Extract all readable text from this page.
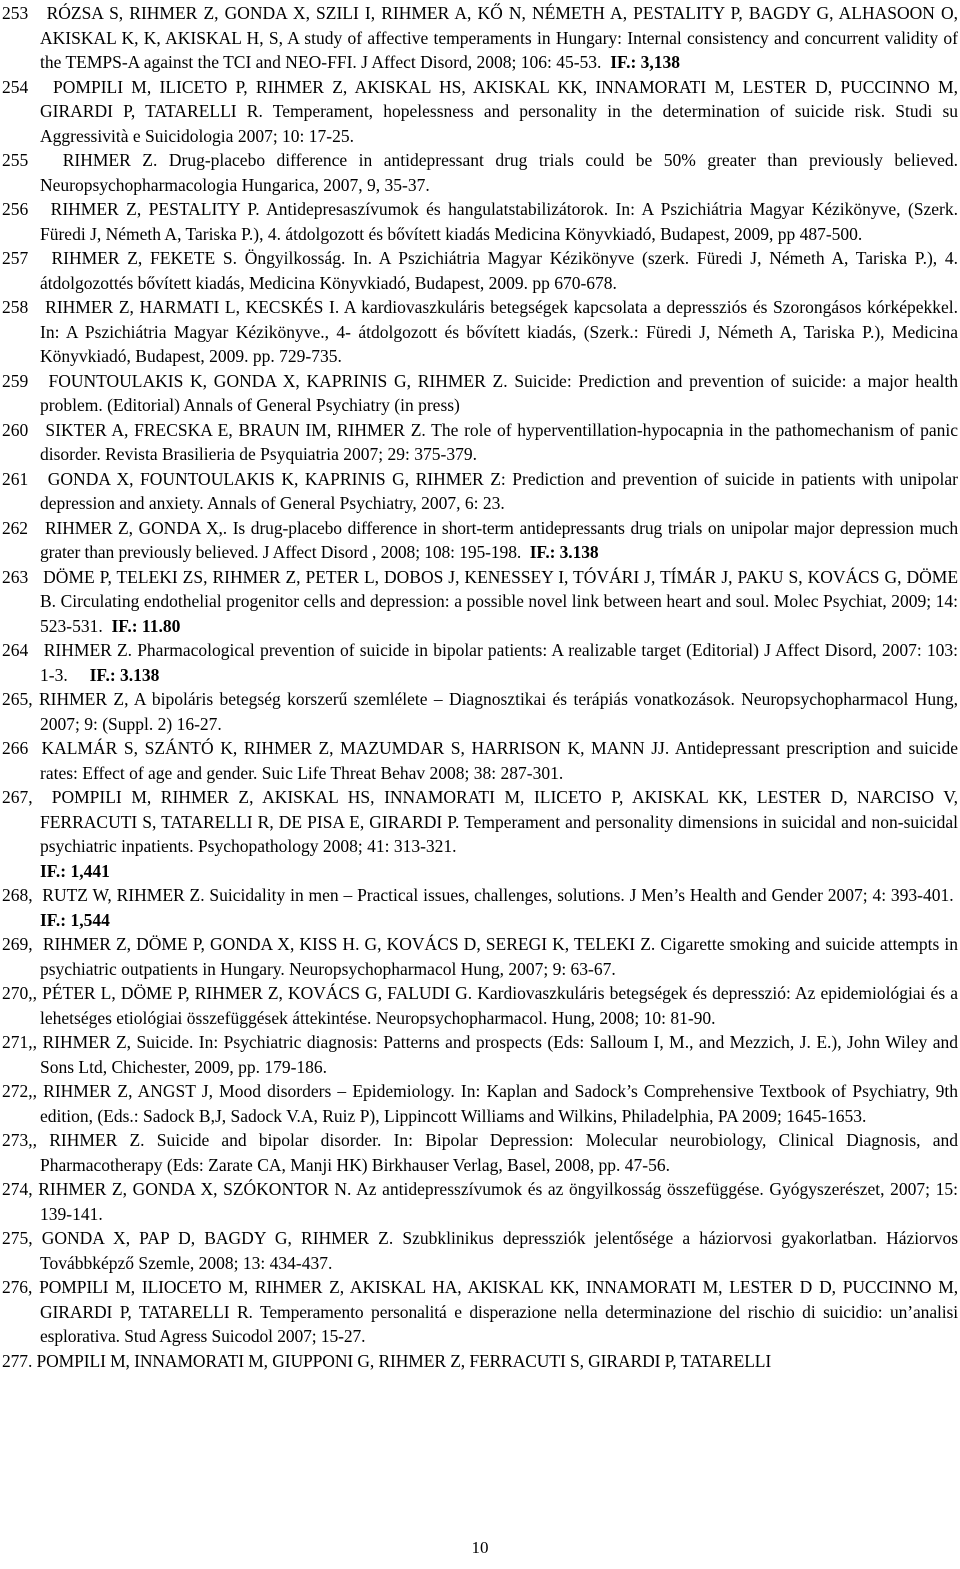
253 RÓZSA S, RIHMER Z, GONDA X, SZILI I, RIHMER A, KŐ N, NÉMETH A, PESTALITY P, BAGDY G, ALHASOON O, AKISKAL K, K, AKISKAL H, S, A study of affective temperaments in Hungary: Internal consistency and concurrent validity of the TEMPS-A against the TCI and NEO-FFI. J Affect Disord, 2008; 106: 45-53. IF.: 3,138

254 POMPILI M, ILICETO P, RIHMER Z, AKISKAL HS, AKISKAL KK, INNAMORATI M, LESTER D, PUCCINNO M, GIRARDI P, TATARELLI R. Temperament, hopelessness and personality in the determination of suicide risk. Studi su Aggressività e Suicidologia 2007; 10: 17-25.

255 RIHMER Z. Drug-placebo difference in antidepressant drug trials could be 50% greater than previously believed. Neuropsychopharmacologia Hungarica, 2007, 9, 35-37.

256 RIHMER Z, PESTALITY P. Antidepresaszívumok és hangulatstabilizátorok. In: A Pszichiátria Magyar Kézikönyve, (Szerk. Füredi J, Németh A, Tariska P.), 4. átdolgozott és bővített kiadás Medicina Könyvkiadó, Budapest, 2009, pp 487-500.

257 RIHMER Z, FEKETE S. Öngyilkosság. In. A Pszichiátria Magyar Kézikönyve (szerk. Füredi J, Németh A, Tariska P.), 4. átdolgozottés bővített kiadás, Medicina Könyvkiadó, Budapest, 2009. pp 670-678.

258 RIHMER Z, HARMATI L, KECSKÉS I. A kardiovaszkuláris betegségek kapcsolata a depressziós és Szorongásos kórképekkel. In: A Pszichiátria Magyar Kézikönyve., 4- átdolgozott és bővített kiadás, (Szerk.: Füredi J, Németh A, Tariska P.), Medicina Könyvkiadó, Budapest, 2009. pp. 729-735.

259 FOUNTOULAKIS K, GONDA X, KAPRINIS G, RIHMER Z. Suicide: Prediction and prevention of suicide: a major health problem. (Editorial) Annals of General Psychiatry (in press)

260 SIKTER A, FRECSKA E, BRAUN IM, RIHMER Z. The role of hyperventillation-hypocapnia in the pathomechanism of panic disorder. Revista Brasilieria de Psyquiatria 2007; 29: 375-379.

261 GONDA X, FOUNTOULAKIS K, KAPRINIS G, RIHMER Z: Prediction and prevention of suicide in patients with unipolar depression and anxiety. Annals of General Psychiatry, 2007, 6: 23.

262 RIHMER Z, GONDA X,. Is drug-placebo difference in short-term antidepressants drug trials on unipolar major depression much grater than previously believed. J Affect Disord , 2008; 108: 195-198. IF.: 3.138

263 DÖME P, TELEKI ZS, RIHMER Z, PETER L, DOBOS J, KENESSEY I, TÓVÁRI J, TÍMÁR J, PAKU S, KOVÁCS G, DÖME B. Circulating endothelial progenitor cells and depression: a possible novel link between heart and soul. Molec Psychiat, 2009; 14: 523-531. IF.: 11.80

264 RIHMER Z. Pharmacological prevention of suicide in bipolar patients: A realizable target (Editorial) J Affect Disord, 2007: 103: 1-3. IF.: 3.138

265, RIHMER Z, A bipoláris betegség korszerű szemlélete – Diagnosztikai és terápiás vonatkozások. Neuropsychopharmacol Hung, 2007; 9: (Suppl. 2) 16-27.

266 KALMÁR S, SZÁNTÓ K, RIHMER Z, MAZUMDAR S, HARRISON K, MANN JJ. Antidepressant prescription and suicide rates: Effect of age and gender. Suic Life Threat Behav 2008; 38: 287-301.

267, POMPILI M, RIHMER Z, AKISKAL HS, INNAMORATI M, ILICETO P, AKISKAL KK, LESTER D, NARCISO V, FERRACUTI S, TATARELLI R, DE PISA E, GIRARDI P. Temperament and personality dimensions in suicidal and non-suicidal psychiatric inpatients. Psychopathology 2008; 41: 313-321.
IF.: 1,441

268, RUTZ W, RIHMER Z. Suicidality in men – Practical issues, challenges, solutions. J Men’s Health and Gender 2007; 4: 393-401.  IF.: 1,544

269, RIHMER Z, DÖME P, GONDA X, KISS H. G, KOVÁCS D, SEREGI K, TELEKI Z. Cigarette smoking and suicide attempts in psychiatric outpatients in Hungary. Neuropsychopharmacol Hung, 2007; 9: 63-67.

270,, PÉTER L, DÖME P, RIHMER Z, KOVÁCS G, FALUDI G. Kardiovaszkuláris betegségek és depresszió: Az epidemiológiai és a lehetséges etiológiai összefüggések áttekintése. Neuropsychopharmacol. Hung, 2008; 10: 81-90.

271,, RIHMER Z, Suicide. In: Psychiatric diagnosis: Patterns and prospects (Eds: Salloum I, M., and Mezzich, J. E.), John Wiley and Sons Ltd, Chichester, 2009, pp. 179-186.

272,, RIHMER Z, ANGST J, Mood disorders – Epidemiology. In: Kaplan and Sadock’s Comprehensive Textbook of Psychiatry, 9th edition, (Eds.: Sadock B,J, Sadock V.A, Ruiz P), Lippincott Williams and Wilkins, Philadelphia, PA 2009; 1645-1653.

273,, RIHMER Z. Suicide and bipolar disorder. In: Bipolar Depression: Molecular neurobiology, Clinical Diagnosis, and Pharmacotherapy (Eds: Zarate CA, Manji HK) Birkhauser Verlag, Basel, 2008, pp. 47-56.

274, RIHMER Z, GONDA X, SZÓKONTOR N. Az antidepresszívumok és az öngyilkosság összefüggése. Gyógyszerészet, 2007; 15: 139-141.

275, GONDA X, PAP D, BAGDY G, RIHMER Z. Szubklinikus depressziók jelentősége a háziorvosi gyakorlatban. Háziorvos Továbbképző Szemle, 2008; 13: 434-437.

276, POMPILI M, ILIOCETO M, RIHMER Z, AKISKAL HA, AKISKAL KK, INNAMORATI M, LESTER D D, PUCCINNO M, GIRARDI P, TATARELLI R. Temperamento personalitá e disperazione nella determinazione del rischio di suicidio: un’analisi esplorativa. Stud Agress Suicodol 2007; 15-27.

277. POMPILI M, INNAMORATI M, GIUPPONI G, RIHMER Z, FERRACUTI S, GIRARDI P, TATARELLI

10
